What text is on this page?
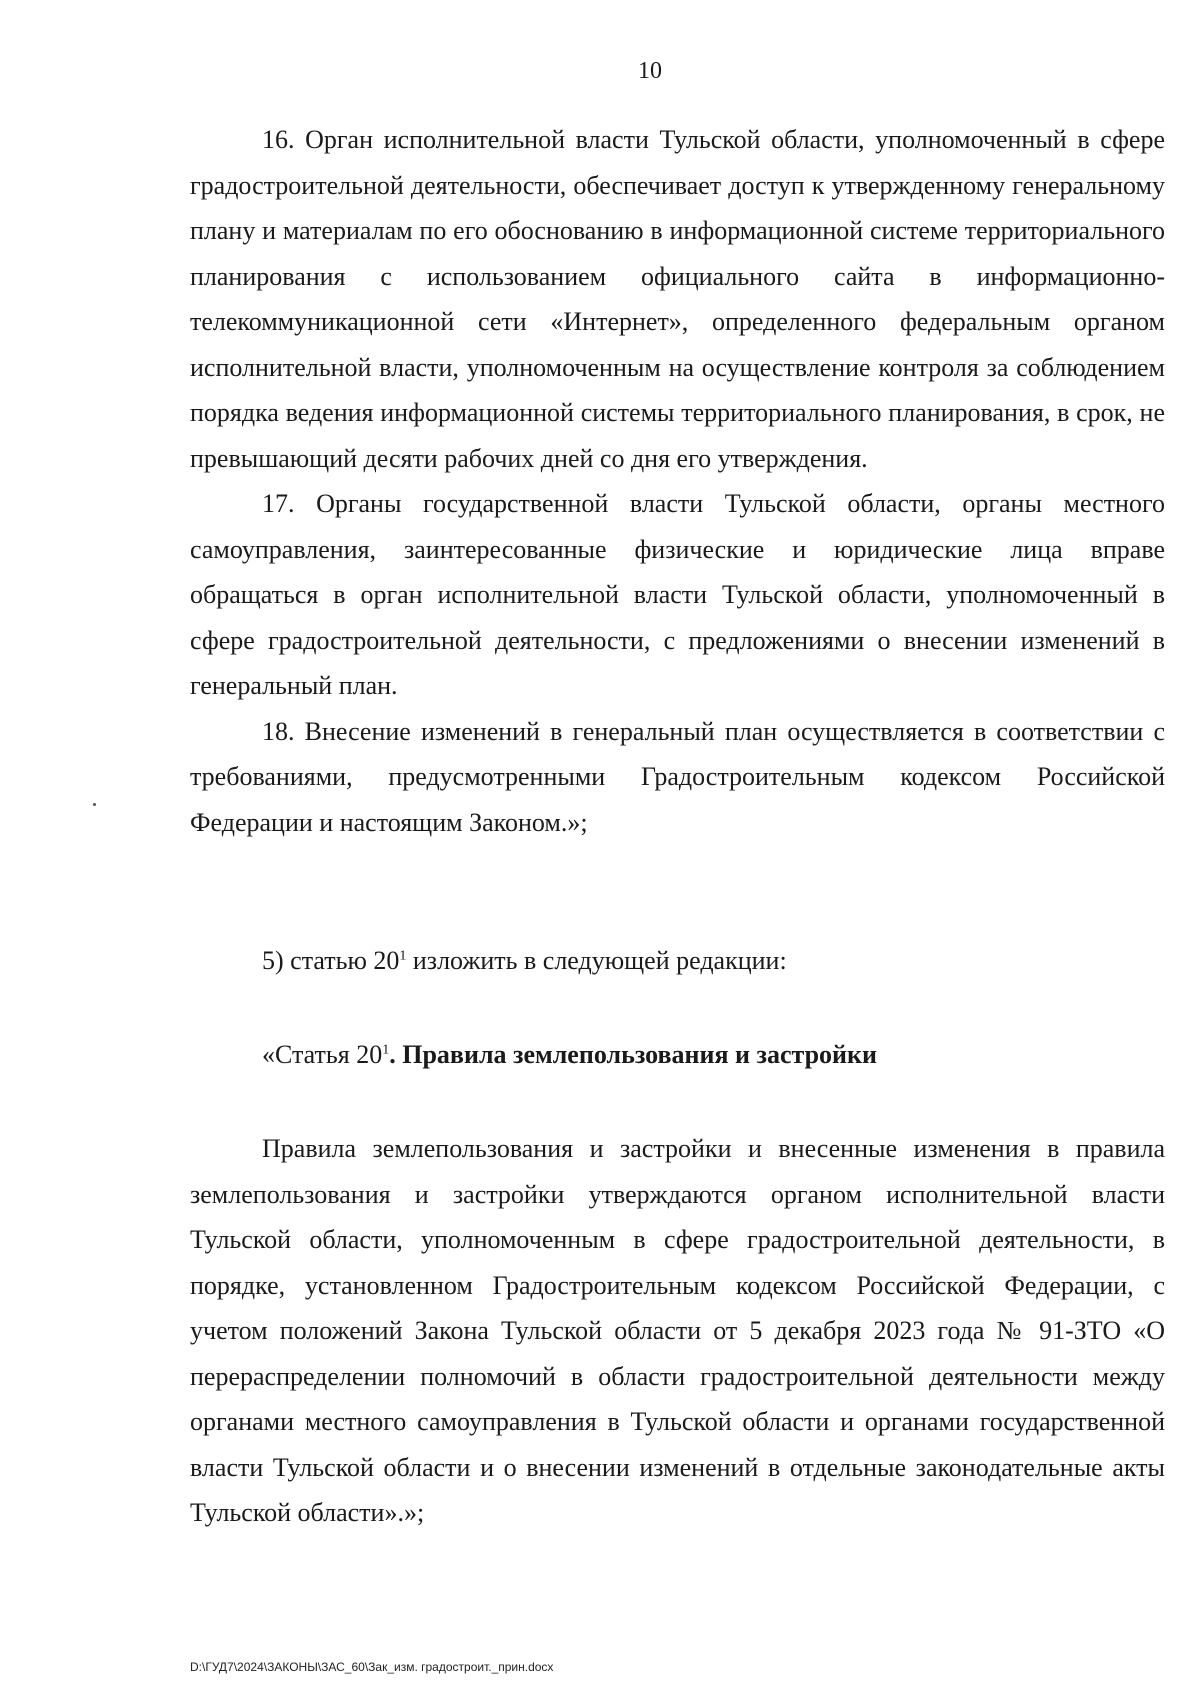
10

16. Орган исполнительной власти Тульской области, уполномоченный в сфере градостроительной деятельности, обеспечивает доступ к утвержденному генеральному плану и материалам по его обоснованию в информационной системе территориального планирования с использованием официального сайта в информационно-телекоммуникационной сети «Интернет», определенного федеральным органом исполнительной власти, уполномоченным на осуществление контроля за соблюдением порядка ведения информационной системы территориального планирования, в срок, не превышающий десяти рабочих дней со дня его утверждения.

17. Органы государственной власти Тульской области, органы местного самоуправления, заинтересованные физические и юридические лица вправе обращаться в орган исполнительной власти Тульской области, уполномоченный в сфере градостроительной деятельности, с предложениями о внесении изменений в генеральный план.

18. Внесение изменений в генеральный план осуществляется в соответствии с требованиями, предусмотренными Градостроительным кодексом Российской Федерации и настоящим Законом.»;

5) статью $20^1$ изложить в следующей редакции:

«Статья $20^1$. Правила землепользования и застройки

Правила землепользования и застройки и внесенные изменения в правила землепользования и застройки утверждаются органом исполнительной власти Тульской области, уполномоченным в сфере градостроительной деятельности, в порядке, установленном Градостроительным кодексом Российской Федерации, с учетом положений Закона Тульской области от 5 декабря 2023 года № 91-ЗТО «О перераспределении полномочий в области градостроительной деятельности между органами местного самоуправления в Тульской области и органами государственной власти Тульской области и о внесении изменений в отдельные законодательные акты Тульской области».»;

D:\ГУД7\2024\ЗАКОНЫ\ЗАС_60\Зак_изм. градостроит._прин.docx
